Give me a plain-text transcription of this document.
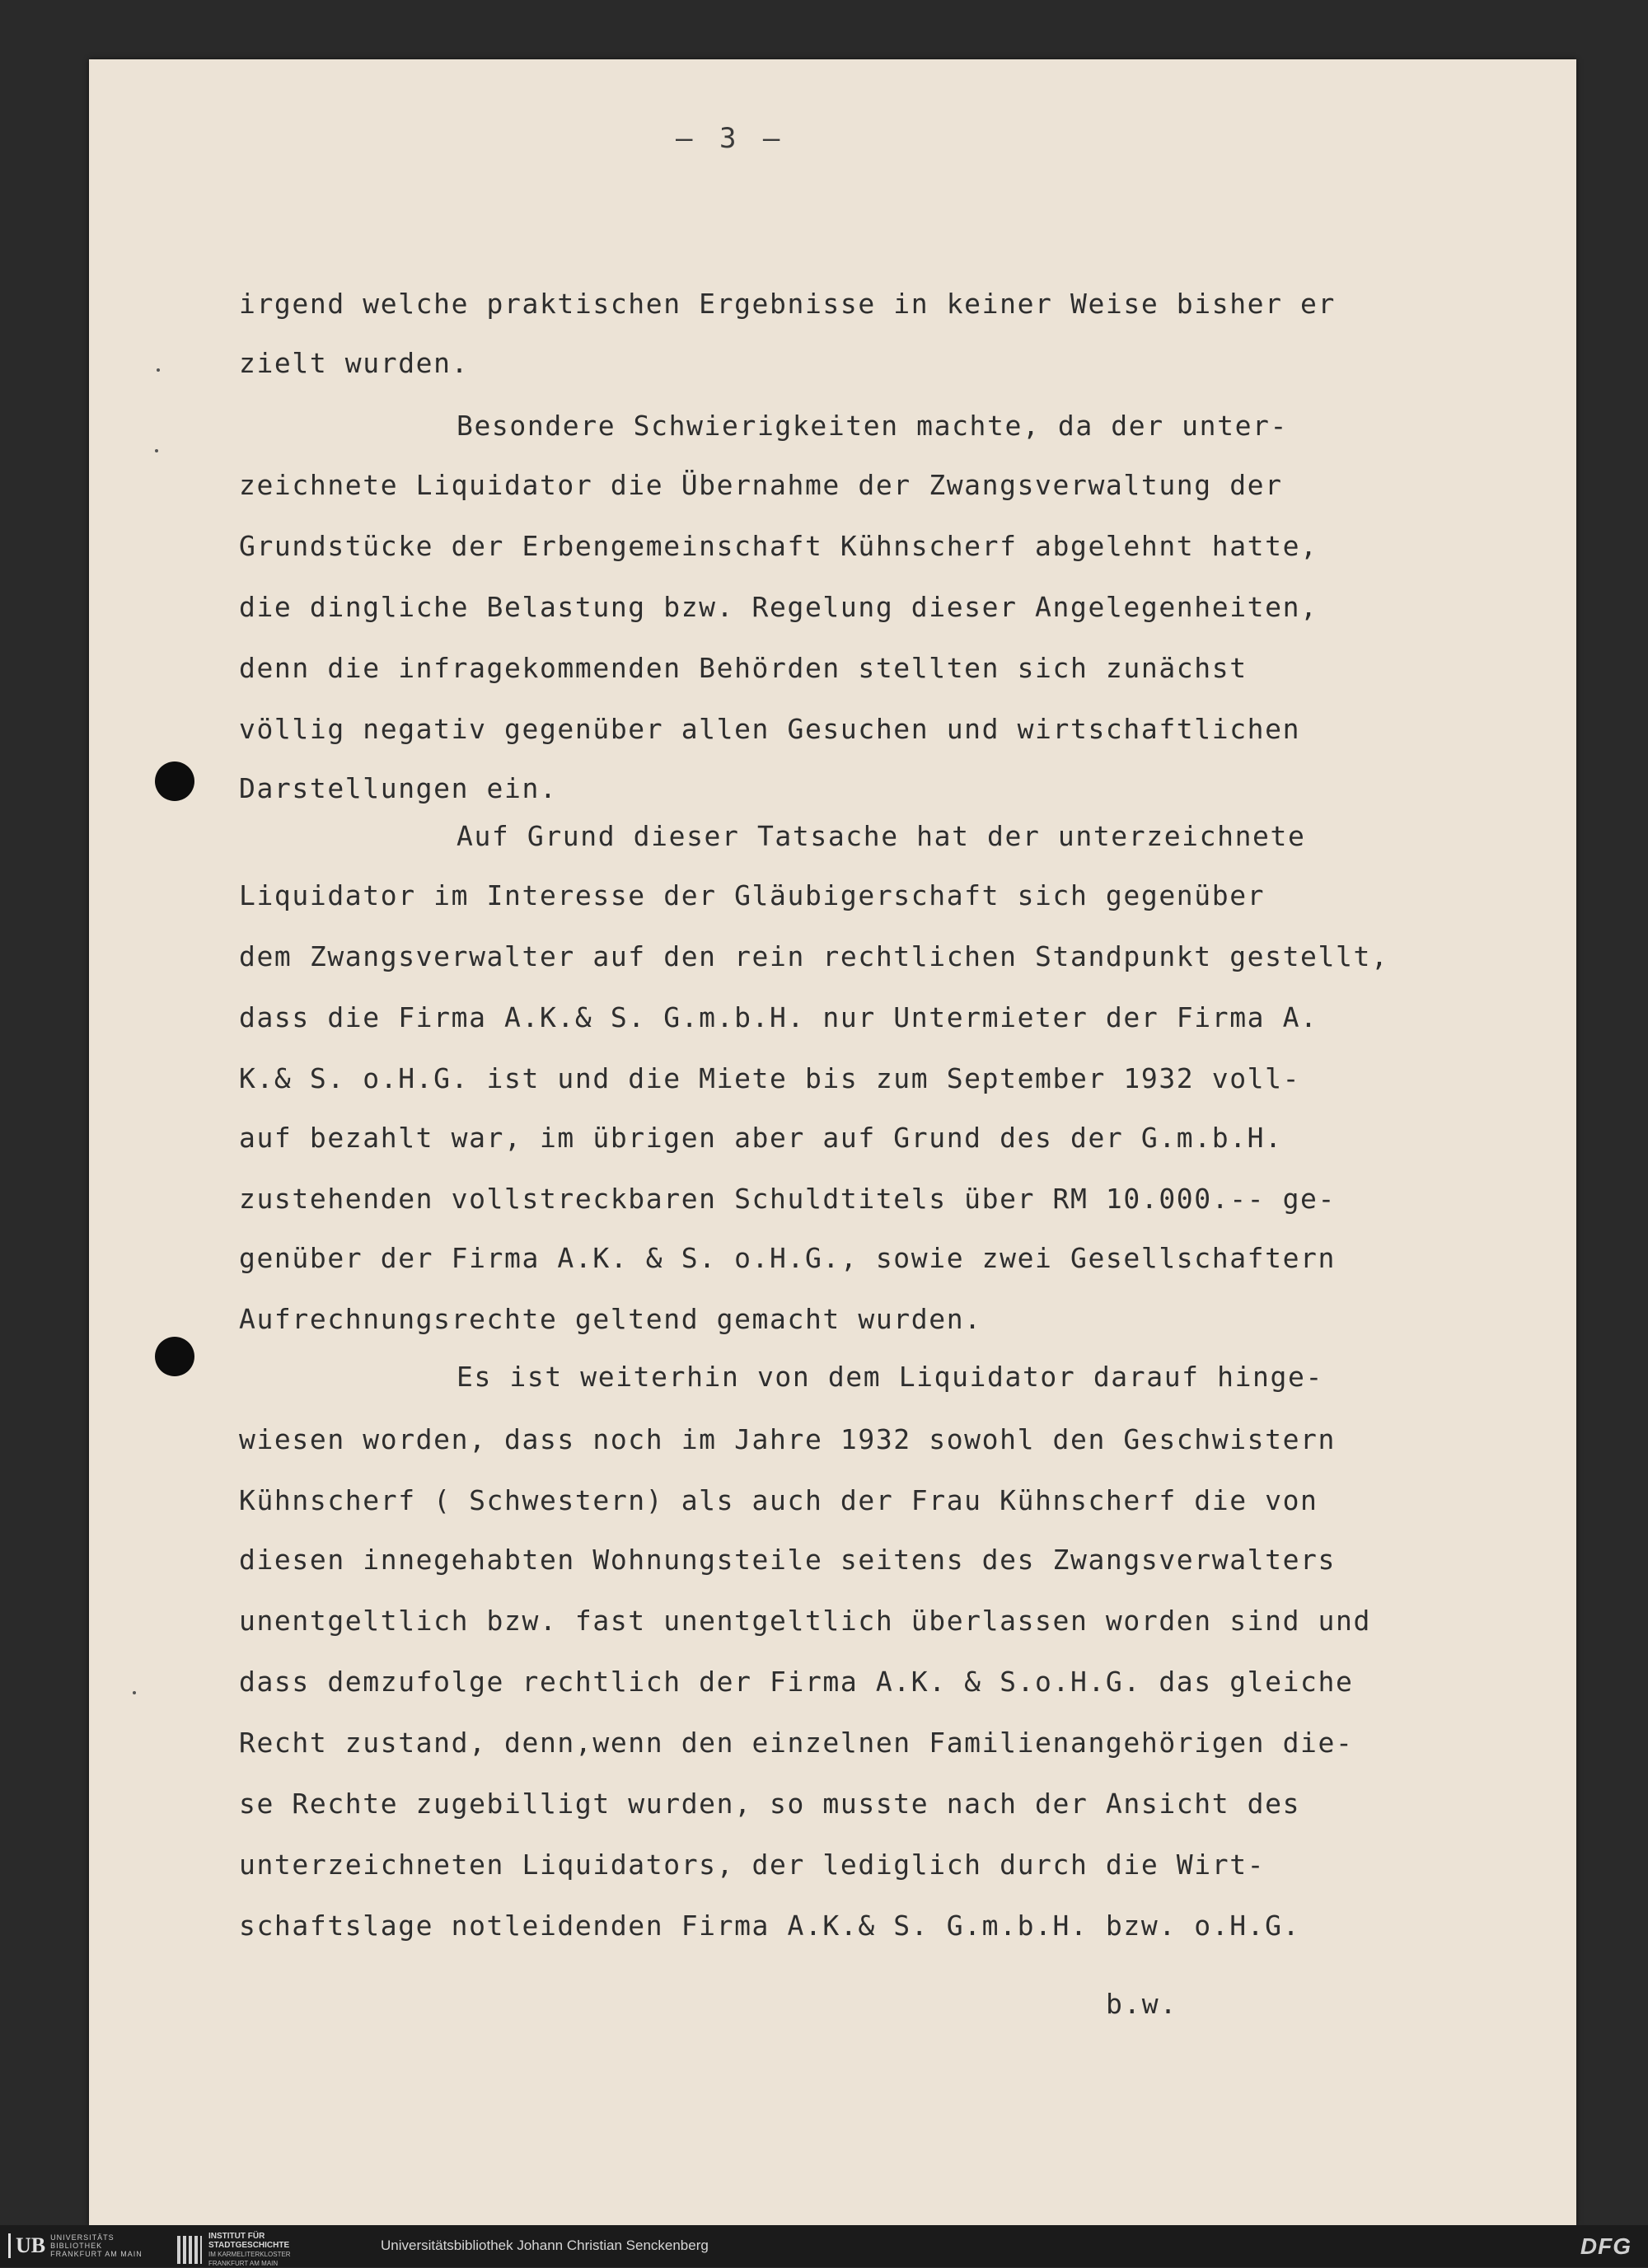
– 3 –
irgend welche praktischen Ergebnisse in keiner Weise bisher er
zielt wurden.
Besondere Schwierigkeiten machte, da der unter-
zeichnete Liquidator die Übernahme der Zwangsverwaltung der
Grundstücke der Erbengemeinschaft Kühnscherf abgelehnt hatte,
die dingliche Belastung bzw. Regelung dieser Angelegenheiten,
denn die infragekommenden Behörden stellten sich zunächst
völlig negativ gegenüber allen Gesuchen und wirtschaftlichen
Darstellungen ein.
Auf Grund dieser Tatsache hat der unterzeichnete
Liquidator im Interesse der Gläubigerschaft sich gegenüber
dem Zwangsverwalter auf den rein rechtlichen Standpunkt gestellt,
dass die Firma A.K.& S. G.m.b.H. nur Untermieter der Firma A.
K.& S. o.H.G. ist und die Miete bis zum September 1932 voll-
auf bezahlt war, im übrigen aber auf Grund des der G.m.b.H.
zustehenden vollstreckbaren Schuldtitels über RM 10.000.-- ge-
genüber der Firma A.K. & S. o.H.G., sowie zwei Gesellschaftern
Aufrechnungsrechte geltend gemacht wurden.
Es ist weiterhin von dem Liquidator darauf hinge-
wiesen worden, dass noch im Jahre 1932 sowohl den Geschwistern
Kühnscherf ( Schwestern) als auch der Frau Kühnscherf die von
diesen innegehabten Wohnungsteile seitens des Zwangsverwalters
unentgeltlich bzw. fast unentgeltlich überlassen worden sind und
dass demzufolge rechtlich der Firma A.K. & S.o.H.G. das gleiche
Recht zustand, denn,wenn den einzelnen Familienangehörigen die-
se Rechte zugebilligt wurden, so musste nach der Ansicht des
unterzeichneten Liquidators, der lediglich durch die Wirt-
schaftslage notleidenden Firma A.K.& S. G.m.b.H. bzw. o.H.G.
b.w.
UB UNIVERSITÄTS
BIBLIOTHEK
FRANKFURT AM MAIN
INSTITUT FÜR
STADTGESCHICHTE
IM KARMELITERKLOSTER
FRANKFURT AM MAIN
Universitätsbibliothek Johann Christian Senckenberg	DFG
